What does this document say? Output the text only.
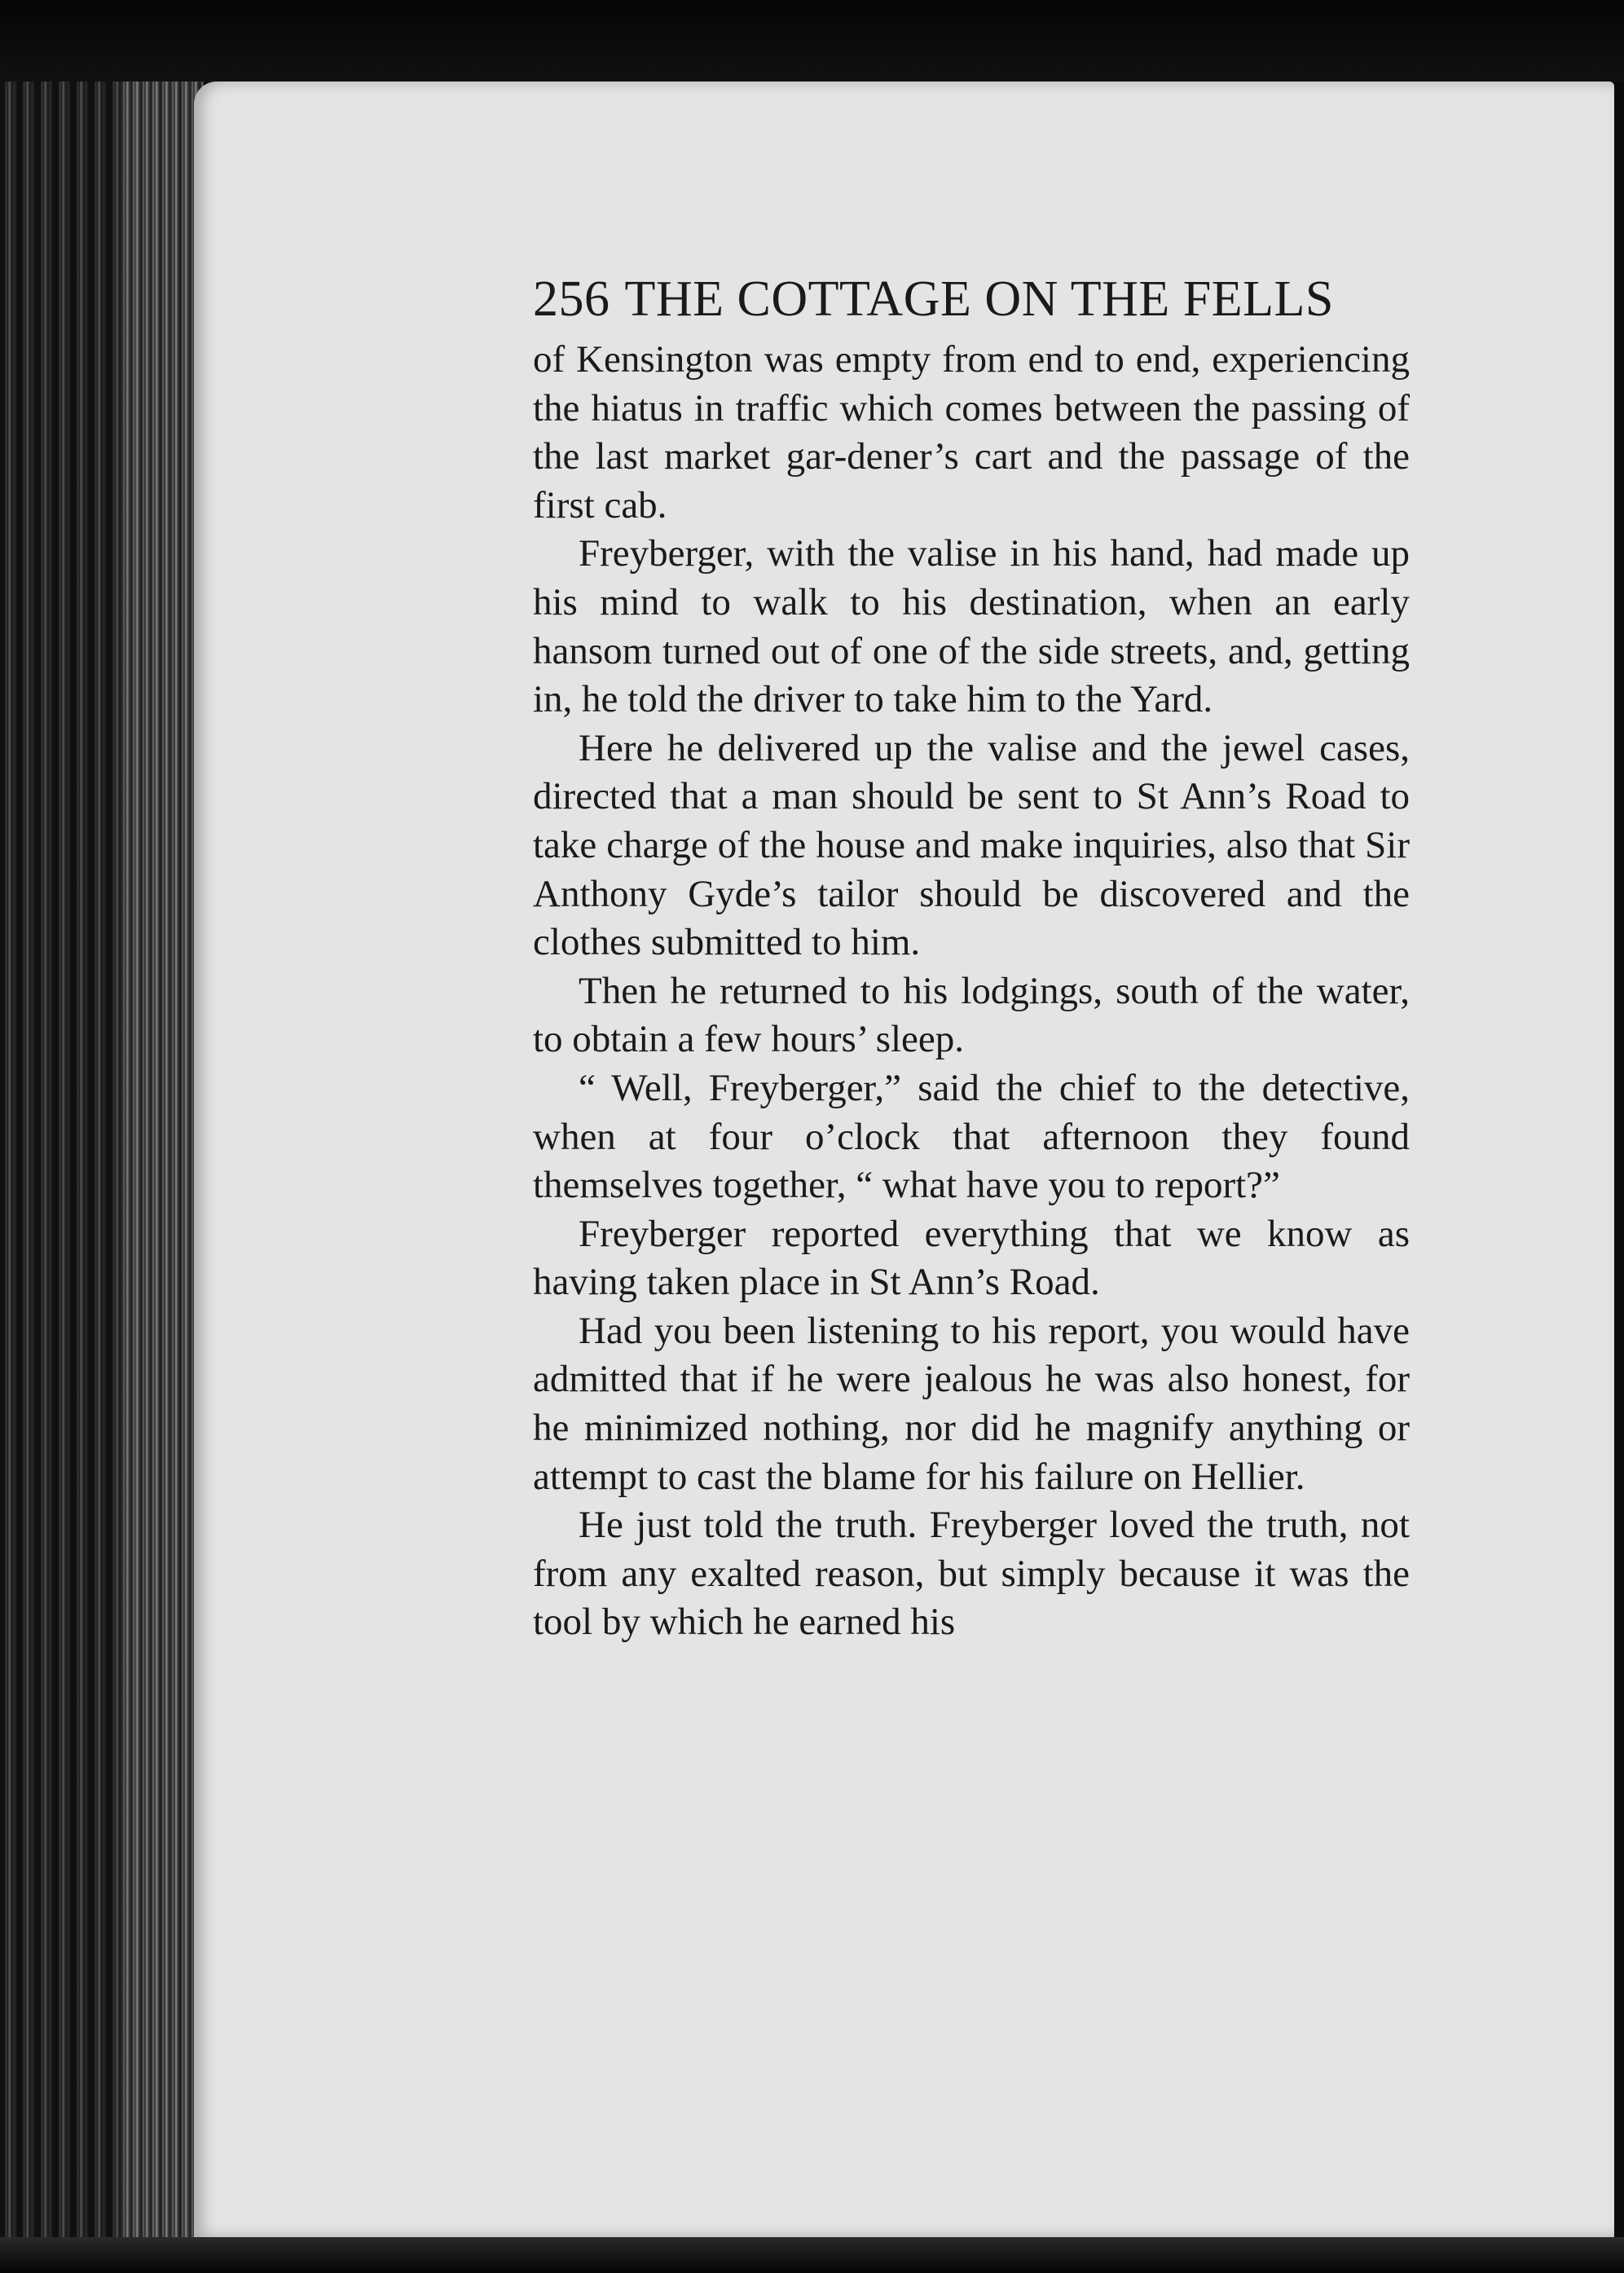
256 THE COTTAGE ON THE FELLS

of Kensington was empty from end to end, experiencing the hiatus in traffic which comes between the passing of the last market gar-dener’s cart and the passage of the first cab.

Freyberger, with the valise in his hand, had made up his mind to walk to his destination, when an early hansom turned out of one of the side streets, and, getting in, he told the driver to take him to the Yard.

Here he delivered up the valise and the jewel cases, directed that a man should be sent to St Ann’s Road to take charge of the house and make inquiries, also that Sir Anthony Gyde’s tailor should be discovered and the clothes submitted to him.

Then he returned to his lodgings, south of the water, to obtain a few hours’ sleep.

“ Well, Freyberger,” said the chief to the detective, when at four o’clock that afternoon they found themselves together, “ what have you to report?”

Freyberger reported everything that we know as having taken place in St Ann’s Road.

Had you been listening to his report, you would have admitted that if he were jealous he was also honest, for he minimized nothing, nor did he magnify anything or attempt to cast the blame for his failure on Hellier.

He just told the truth. Freyberger loved the truth, not from any exalted reason, but simply because it was the tool by which he earned his
